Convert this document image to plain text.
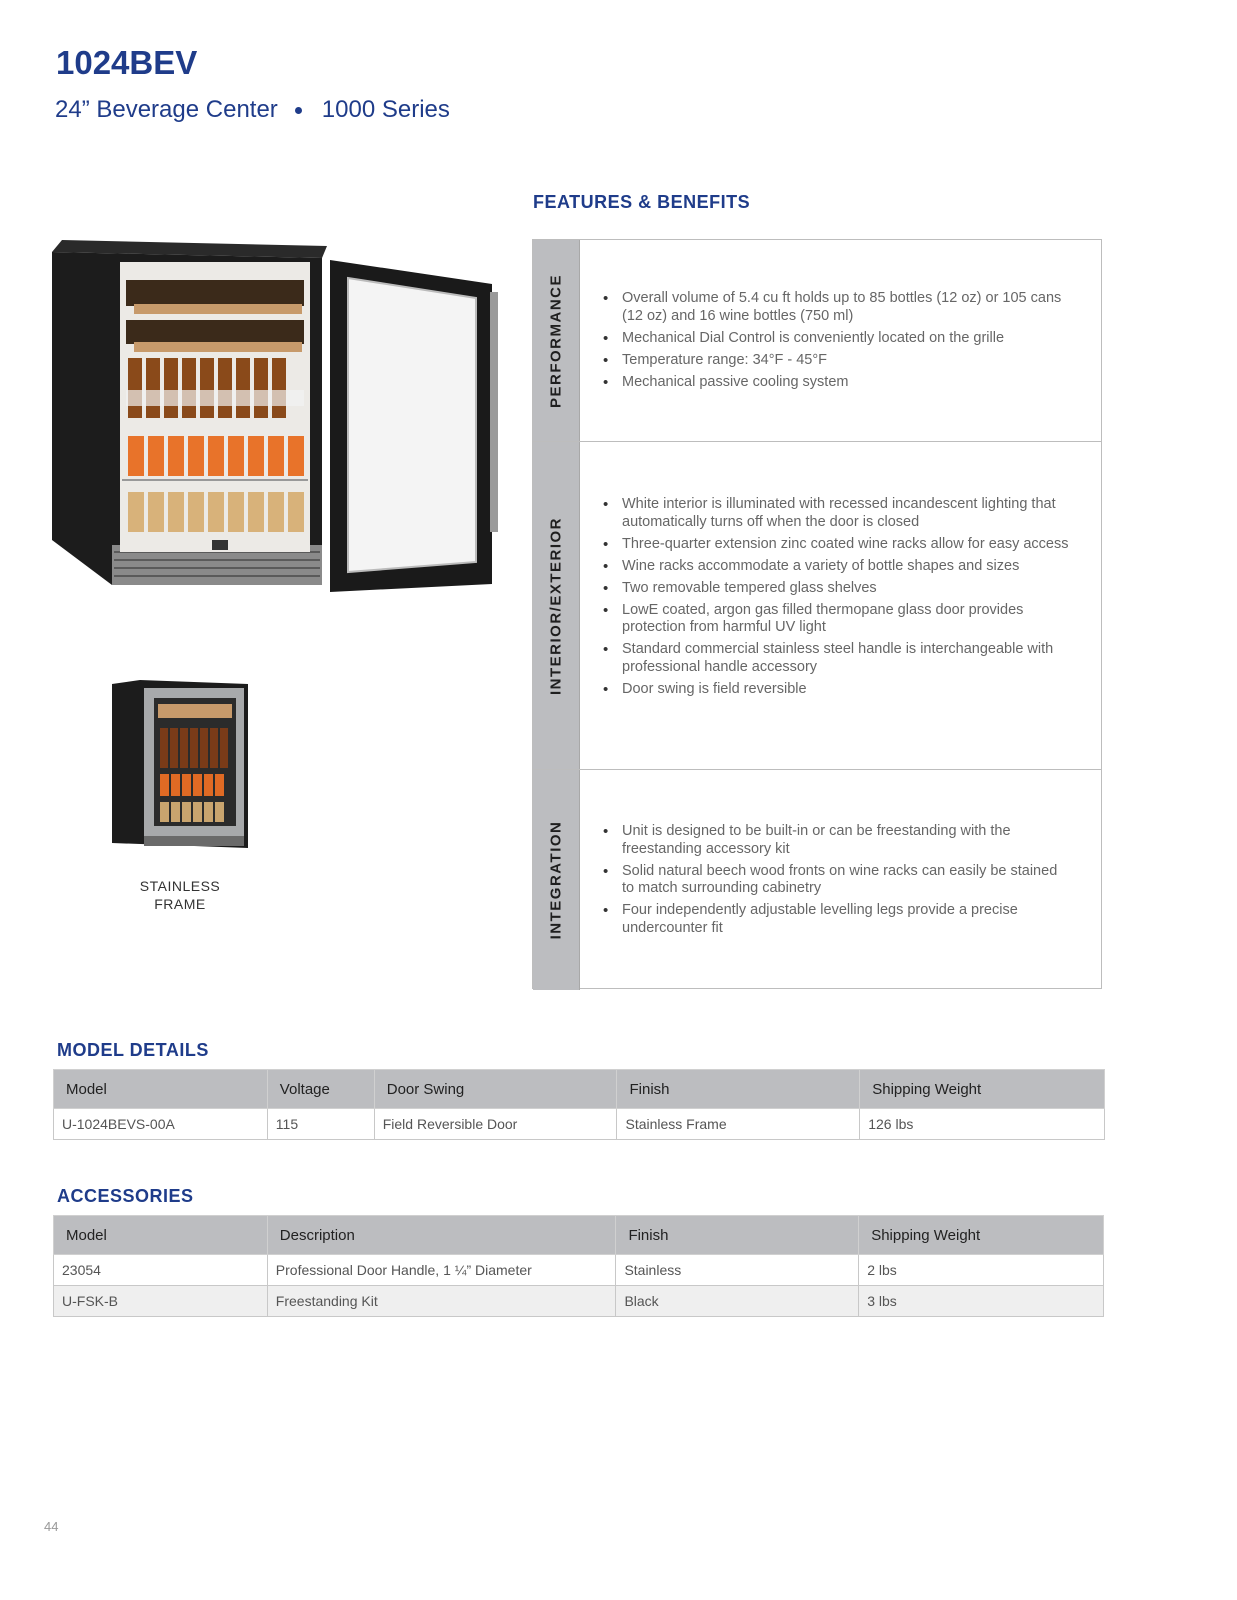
1024BEV
24” Beverage Center 1000 Series
FEATURES & BENEFITS
STAINLESS
FRAME
PERFORMANCE	• Overall volume of 5.4 cu ft holds up to 85 bottles (12 oz) or 105 cans (12 oz) and 16 wine bottles (750 ml)
• Mechanical Dial Control is conveniently located on the grille
• Temperature range: 34°F - 45°F
• Mechanical passive cooling system
INTERIOR/EXTERIOR
• White interior is illuminated with recessed incandescent lighting that automatically turns off when the door is closed
• Three-quarter extension zinc coated wine racks allow for easy access
• Wine racks accommodate a variety of bottle shapes and sizes
• Two removable tempered glass shelves
• LowE coated, argon gas filled thermopane glass door provides protection from harmful UV light
• Standard commercial stainless steel handle is interchangeable with professional handle accessory
• Door swing is field reversible
INTEGRATION	• Unit is designed to be built-in or can be freestanding with the freestanding accessory kit
• Solid natural beech wood fronts on wine racks can easily be stained to match surrounding cabinetry
• Four independently adjustable levelling legs provide a precise undercounter fit
MODEL DETAILS
Model	Voltage	Door Swing	Finish	Shipping Weight
U-1024BEVS-00A	115	Field Reversible Door	Stainless Frame	126 lbs
ACCESSORIES
Model	Description	Finish	Shipping Weight
23054	Professional Door Handle, 1 ¼” Diameter	Stainless	2 lbs
U-FSK-B	Freestanding Kit	Black	3 lbs
44
